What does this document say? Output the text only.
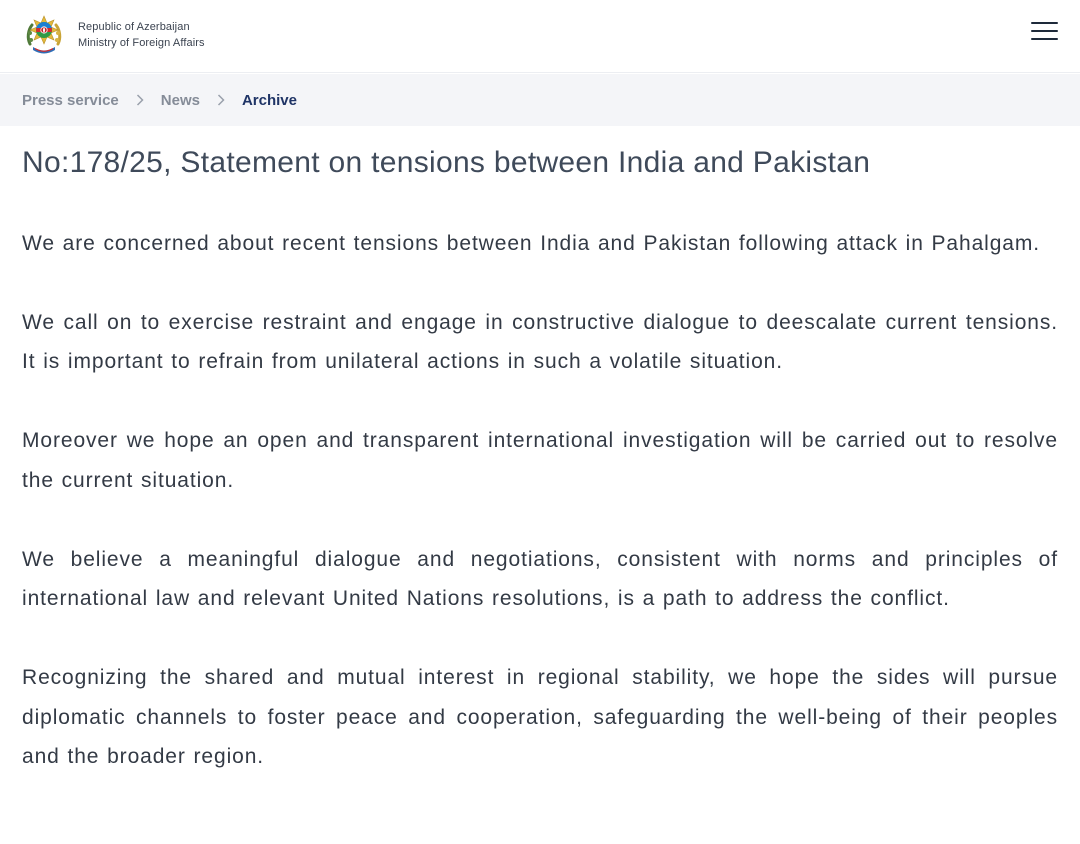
Republic of Azerbaijan
Ministry of Foreign Affairs
Press service	News	Archive
No:178/25, Statement on tensions between India and Pakistan

We are concerned about recent tensions between India and Pakistan following attack in Pahalgam.

We call on to exercise restraint and engage in constructive dialogue to deescalate current tensions. It is important to refrain from unilateral actions in such a volatile situation.

Moreover we hope an open and transparent international investigation will be carried out to resolve the current situation.

We believe a meaningful dialogue and negotiations, consistent with norms and principles of international law and relevant United Nations resolutions, is a path to address the conflict.

Recognizing the shared and mutual interest in regional stability, we hope the sides will pursue diplomatic channels to foster peace and cooperation, safeguarding the well-being of their peoples and the broader region.
